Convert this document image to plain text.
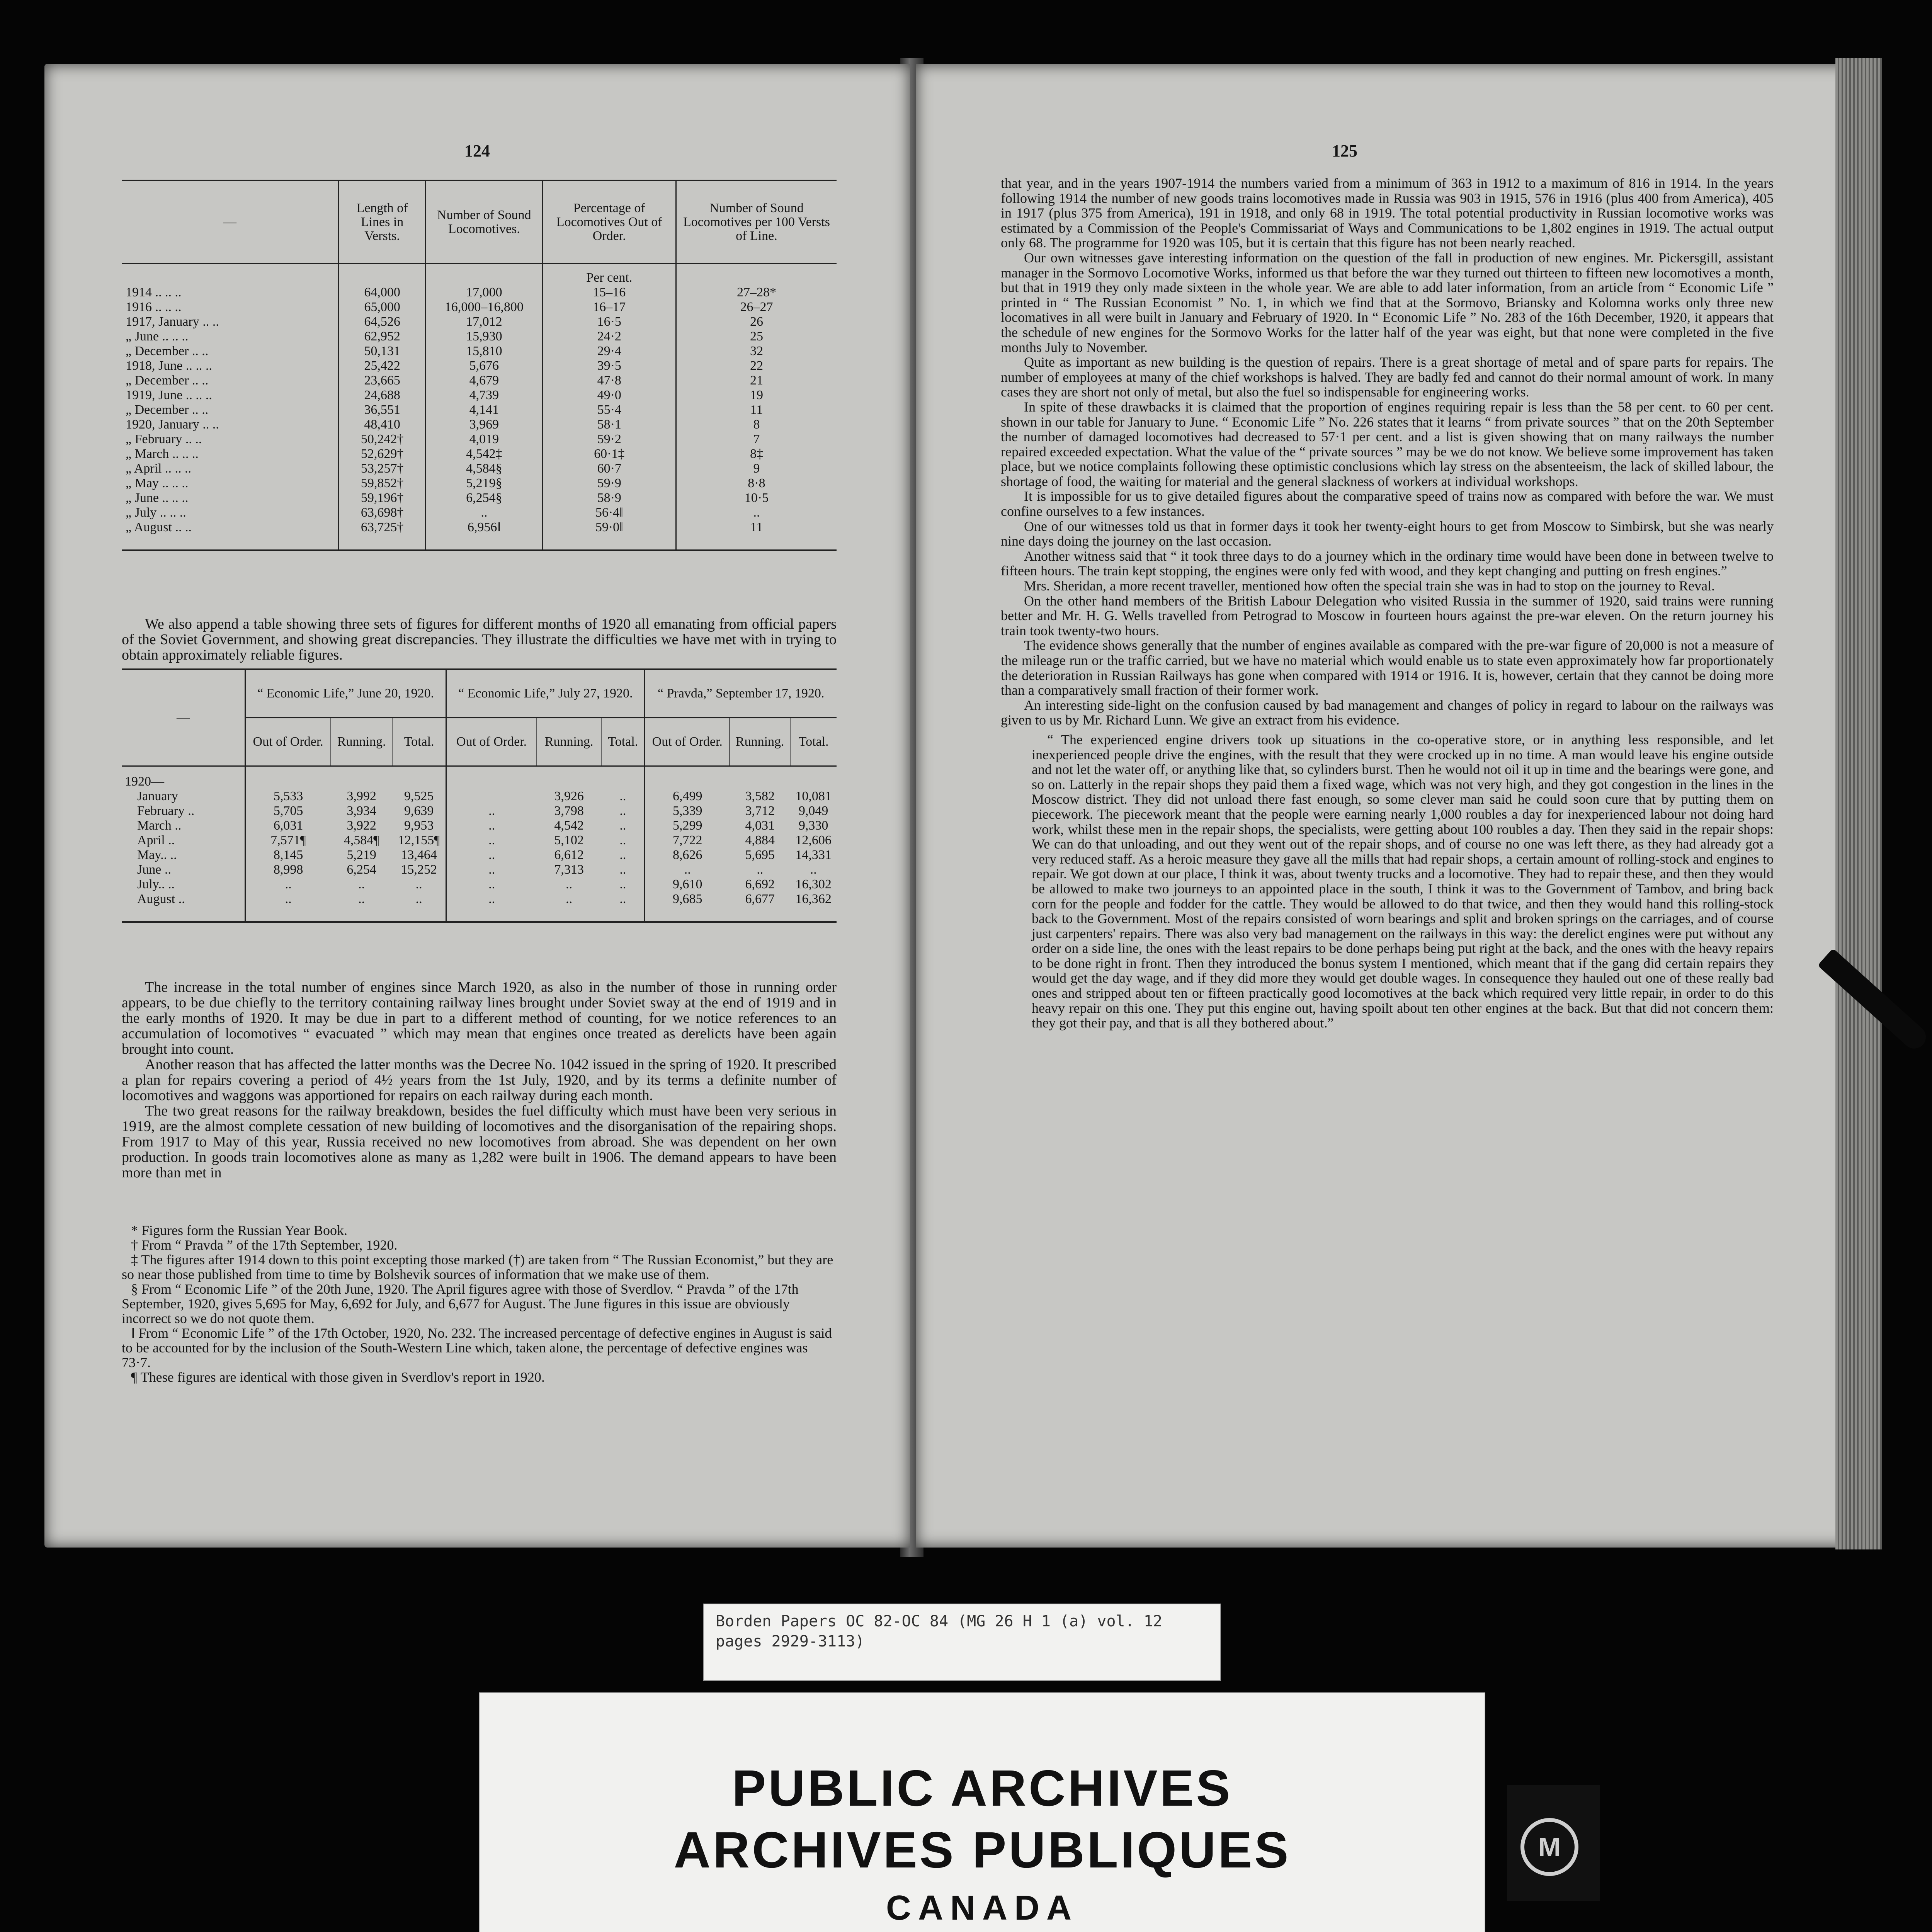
124
—	Length of Lines in Versts.	Number of Sound Locomotives.	Percentage of Locomotives Out of Order.	Number of Sound Locomotives per 100 Versts of Line.
			Per cent.	
1914 .. .. ..	64,000	17,000	15–16	27–28*
1916 .. .. ..	65,000	16,000–16,800	16–17	26–27
1917, January .. ..	64,526	17,012	16·5	26
„ June .. .. ..	62,952	15,930	24·2	25
„ December .. ..	50,131	15,810	29·4	32
1918, June .. .. ..	25,422	5,676	39·5	22
„ December .. ..	23,665	4,679	47·8	21
1919, June .. .. ..	24,688	4,739	49·0	19
„ December .. ..	36,551	4,141	55·4	11
1920, January .. ..	48,410	3,969	58·1	8
„ February .. ..	50,242†	4,019	59·2	7
„ March .. .. ..	52,629†	4,542‡	60·1‡	8‡
„ April .. .. ..	53,257†	4,584§	60·7	9
„ May .. .. ..	59,852†	5,219§	59·9	8·8
„ June .. .. ..	59,196†	6,254§	58·9	10·5
„ July .. .. ..	63,698†	..	56·4‖	..
„ August .. ..	63,725†	6,956‖	59·0‖	11

We also append a table showing three sets of figures for different months of 1920 all emanating from official papers of the Soviet Government, and showing great discrepancies. They illustrate the difficulties we have met with in trying to obtain approximately reliable figures.
—	“ Economic Life,” June 20, 1920.			“ Economic Life,” July 27, 1920.			“ Pravda,” September 17, 1920.		
	Out of Order.	Running.	Total.	Out of Order.	Running.	Total.	Out of Order.	Running.	Total.
1920—									
January	5,533	3,992	9,525		3,926	..	6,499	3,582	10,081
February ..	5,705	3,934	9,639	..	3,798	..	5,339	3,712	9,049
March ..	6,031	3,922	9,953	..	4,542	..	5,299	4,031	9,330
April ..	7,571¶	4,584¶	12,155¶	..	5,102	..	7,722	4,884	12,606
May.. ..	8,145	5,219	13,464	..	6,612	..	8,626	5,695	14,331
June ..	8,998	6,254	15,252	..	7,313	..	..	..	..
July.. ..	..	..	..	..	..	..	9,610	6,692	16,302
August ..	..	..	..	..	..	..	9,685	6,677	16,362

The increase in the total number of engines since March 1920, as also in the number of those in running order appears, to be due chiefly to the territory containing railway lines brought under Soviet sway at the end of 1919 and in the early months of 1920. It may be due in part to a different method of counting, for we notice references to an accumulation of locomotives “ evacuated ” which may mean that engines once treated as derelicts have been again brought into count.

Another reason that has affected the latter months was the Decree No. 1042 issued in the spring of 1920. It prescribed a plan for repairs covering a period of 4½ years from the 1st July, 1920, and by its terms a definite number of locomotives and waggons was apportioned for repairs on each railway during each month.

The two great reasons for the railway breakdown, besides the fuel difficulty which must have been very serious in 1919, are the almost complete cessation of new building of locomotives and the disorganisation of the repairing shops. From 1917 to May of this year, Russia received no new locomotives from abroad. She was dependent on her own production. In goods train locomotives alone as many as 1,282 were built in 1906. The demand appears to have been more than met in

* Figures form the Russian Year Book.

† From “ Pravda ” of the 17th September, 1920.

‡ The figures after 1914 down to this point excepting those marked (†) are taken from “ The Russian Economist,” but they are so near those published from time to time by Bolshevik sources of information that we make use of them.

§ From “ Economic Life ” of the 20th June, 1920. The April figures agree with those of Sverdlov. “ Pravda ” of the 17th September, 1920, gives 5,695 for May, 6,692 for July, and 6,677 for August. The June figures in this issue are obviously incorrect so we do not quote them.

‖ From “ Economic Life ” of the 17th October, 1920, No. 232. The increased percentage of defective engines in August is said to be accounted for by the inclusion of the South-Western Line which, taken alone, the percentage of defective engines was 73·7.

¶ These figures are identical with those given in Sverdlov's report in 1920.

125

that year, and in the years 1907-1914 the numbers varied from a minimum of 363 in 1912 to a maximum of 816 in 1914. In the years following 1914 the number of new goods trains locomotives made in Russia was 903 in 1915, 576 in 1916 (plus 400 from America), 405 in 1917 (plus 375 from America), 191 in 1918, and only 68 in 1919. The total potential productivity in Russian locomotive works was estimated by a Commission of the People's Commissariat of Ways and Communications to be 1,802 engines in 1919. The actual output only 68. The programme for 1920 was 105, but it is certain that this figure has not been nearly reached.

Our own witnesses gave interesting information on the question of the fall in production of new engines. Mr. Pickersgill, assistant manager in the Sormovo Locomotive Works, informed us that before the war they turned out thirteen to fifteen new locomotives a month, but that in 1919 they only made sixteen in the whole year. We are able to add later information, from an article from “ Economic Life ” printed in “ The Russian Economist ” No. 1, in which we find that at the Sormovo, Briansky and Kolomna works only three new locomatives in all were built in January and February of 1920. In “ Economic Life ” No. 283 of the 16th December, 1920, it appears that the schedule of new engines for the Sormovo Works for the latter half of the year was eight, but that none were completed in the five months July to November.

Quite as important as new building is the question of repairs. There is a great shortage of metal and of spare parts for repairs. The number of employees at many of the chief workshops is halved. They are badly fed and cannot do their normal amount of work. In many cases they are short not only of metal, but also the fuel so indispensable for engineering works.

In spite of these drawbacks it is claimed that the proportion of engines requiring repair is less than the 58 per cent. to 60 per cent. shown in our table for January to June. “ Economic Life ” No. 226 states that it learns “ from private sources ” that on the 20th September the number of damaged locomotives had decreased to 57·1 per cent. and a list is given showing that on many railways the number repaired exceeded expectation. What the value of the “ private sources ” may be we do not know. We believe some improvement has taken place, but we notice complaints following these optimistic conclusions which lay stress on the absenteeism, the lack of skilled labour, the shortage of food, the waiting for material and the general slackness of workers at individual workshops.

It is impossible for us to give detailed figures about the comparative speed of trains now as compared with before the war. We must confine ourselves to a few instances.

One of our witnesses told us that in former days it took her twenty-eight hours to get from Moscow to Simbirsk, but she was nearly nine days doing the journey on the last occasion.

Another witness said that “ it took three days to do a journey which in the ordinary time would have been done in between twelve to fifteen hours. The train kept stopping, the engines were only fed with wood, and they kept changing and putting on fresh engines.”

Mrs. Sheridan, a more recent traveller, mentioned how often the special train she was in had to stop on the journey to Reval.

On the other hand members of the British Labour Delegation who visited Russia in the summer of 1920, said trains were running better and Mr. H. G. Wells travelled from Petrograd to Moscow in fourteen hours against the pre-war eleven. On the return journey his train took twenty-two hours.

The evidence shows generally that the number of engines available as compared with the pre-war figure of 20,000 is not a measure of the mileage run or the traffic carried, but we have no material which would enable us to state even approximately how far proportionately the deterioration in Russian Railways has gone when compared with 1914 or 1916. It is, however, certain that they cannot be doing more than a comparatively small fraction of their former work.

An interesting side-light on the confusion caused by bad management and changes of policy in regard to labour on the railways was given to us by Mr. Richard Lunn. We give an extract from his evidence.

“ The experienced engine drivers took up situations in the co-operative store, or in anything less responsible, and let inexperienced people drive the engines, with the result that they were crocked up in no time. A man would leave his engine outside and not let the water off, or anything like that, so cylinders burst. Then he would not oil it up in time and the bearings were gone, and so on. Latterly in the repair shops they paid them a fixed wage, which was not very high, and they got congestion in the lines in the Moscow district. They did not unload there fast enough, so some clever man said he could soon cure that by putting them on piecework. The piecework meant that the people were earning nearly 1,000 roubles a day for inexperienced labour not doing hard work, whilst these men in the repair shops, the specialists, were getting about 100 roubles a day. Then they said in the repair shops: We can do that unloading, and out they went out of the repair shops, and of course no one was left there, as they had already got a very reduced staff. As a heroic measure they gave all the mills that had repair shops, a certain amount of rolling-stock and engines to repair. We got down at our place, I think it was, about twenty trucks and a locomotive. They had to repair these, and then they would be allowed to make two journeys to an appointed place in the south, I think it was to the Government of Tambov, and bring back corn for the people and fodder for the cattle. They would be allowed to do that twice, and then they would hand this rolling-stock back to the Government. Most of the repairs consisted of worn bearings and split and broken springs on the carriages, and of course just carpenters' repairs. There was also very bad management on the railways in this way: the derelict engines were put without any order on a side line, the ones with the least repairs to be done perhaps being put right at the back, and the ones with the heavy repairs to be done right in front. Then they introduced the bonus system I mentioned, which meant that if the gang did certain repairs they would get the day wage, and if they did more they would get double wages. In consequence they hauled out one of these really bad ones and stripped about ten or fifteen practically good locomotives at the back which required very little repair, in order to do this heavy repair on this one. They put this engine out, having spoilt about ten other engines at the back. But that did not concern them: they got their pay, and that is all they bothered about.”
Borden Papers OC 82-OC 84 (MG 26 H 1 (a) vol. 12 pages 2929-3113)
PUBLIC ARCHIVES
ARCHIVES PUBLIQUES
CANADA
M
